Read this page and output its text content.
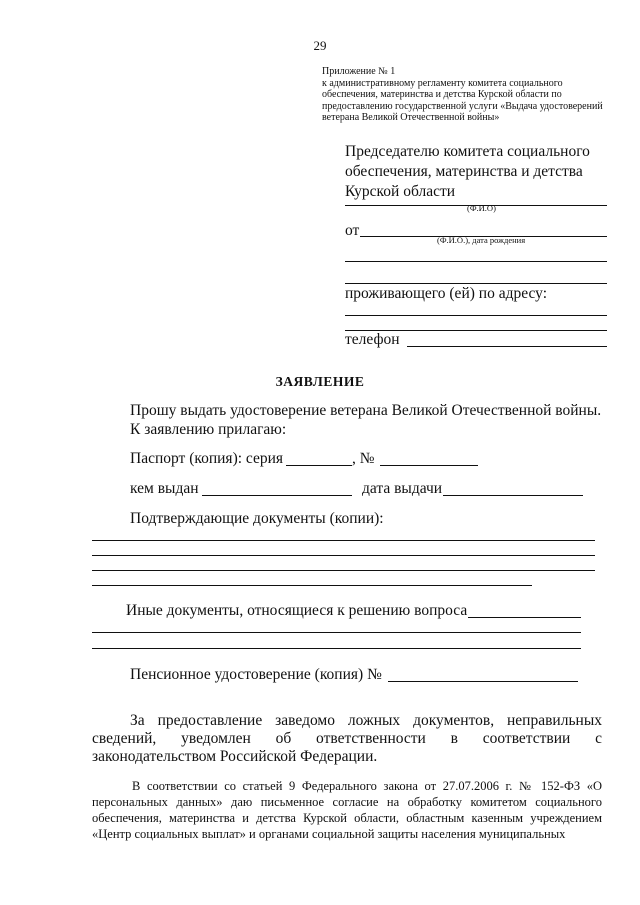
29
Приложение № 1
к административному регламенту комитета социального
обеспечения, материнства и детства Курской области по
предоставлению государственной услуги «Выдача удостоверений
ветерана Великой Отечественной войны»
Председателю комитета социального
обеспечения, материнства и детства
Курской области
(Ф.И.О)
от
(Ф.И.О.), дата рождения
проживающего (ей) по адресу:
телефон
ЗАЯВЛЕНИЕ
Прошу выдать удостоверение ветерана Великой Отечественной войны.
К заявлению прилагаю:
Паспорт (копия): серия	, №
кем выдан	дата выдачи
Подтверждающие документы (копии):
Иные документы, относящиеся к решению вопроса
Пенсионное удостоверение (копия) №
За предоставление заведомо ложных документов, неправильных сведений, уведомлен об ответственности в соответствии с законодательством Российской Федерации.
В соответствии со статьей 9 Федерального закона от 27.07.2006 г. № 152-ФЗ «О персональных данных» даю письменное согласие на обработку комитетом социального обеспечения, материнства и детства Курской области, областным казенным учреждением «Центр социальных выплат» и органами социальной защиты населения муниципальных
